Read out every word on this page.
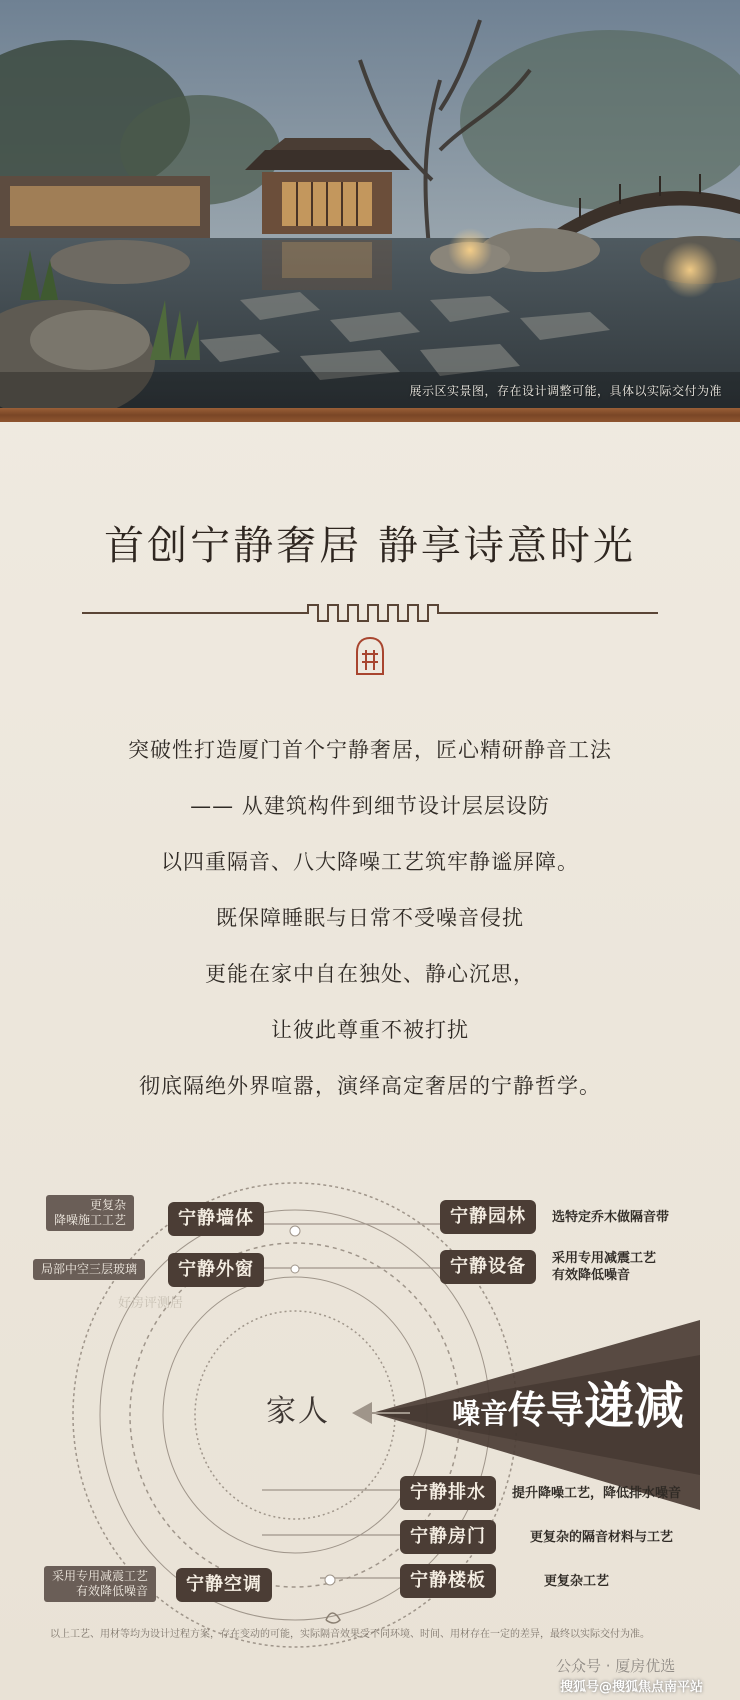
展示区实景图，存在设计调整可能，具体以实际交付为准
首创宁静奢居 静享诗意时光
突破性打造厦门首个宁静奢居，匠心精研静音工法
—— 从建筑构件到细节设计层层设防
以四重隔音、八大降噪工艺筑牢静谧屏障。
既保障睡眠与日常不受噪音侵扰
更能在家中自在独处、静心沉思，
让彼此尊重不被打扰
彻底隔绝外界喧嚣，演绎高定奢居的宁静哲学。
更复杂
降噪施工工艺	宁静墙体
局部中空三层玻璃	宁静外窗
采用专用减震工艺
有效降低噪音	宁静空调
宁静园林	选特定乔木做隔音带
宁静设备	采用专用减震工艺
有效降低噪音
宁静排水	提升降噪工艺，降低排水噪音
宁静房门	更复杂的隔音材料与工艺
宁静楼板	更复杂工艺
好房评测居
家人	噪音传导递减
以上工艺、用材等均为设计过程方案，存在变动的可能，实际隔音效果受不同环境、时间、用材存在一定的差异，最终以实际交付为准。
公众号 · 厦房优选
搜狐号@搜狐焦点南平站
